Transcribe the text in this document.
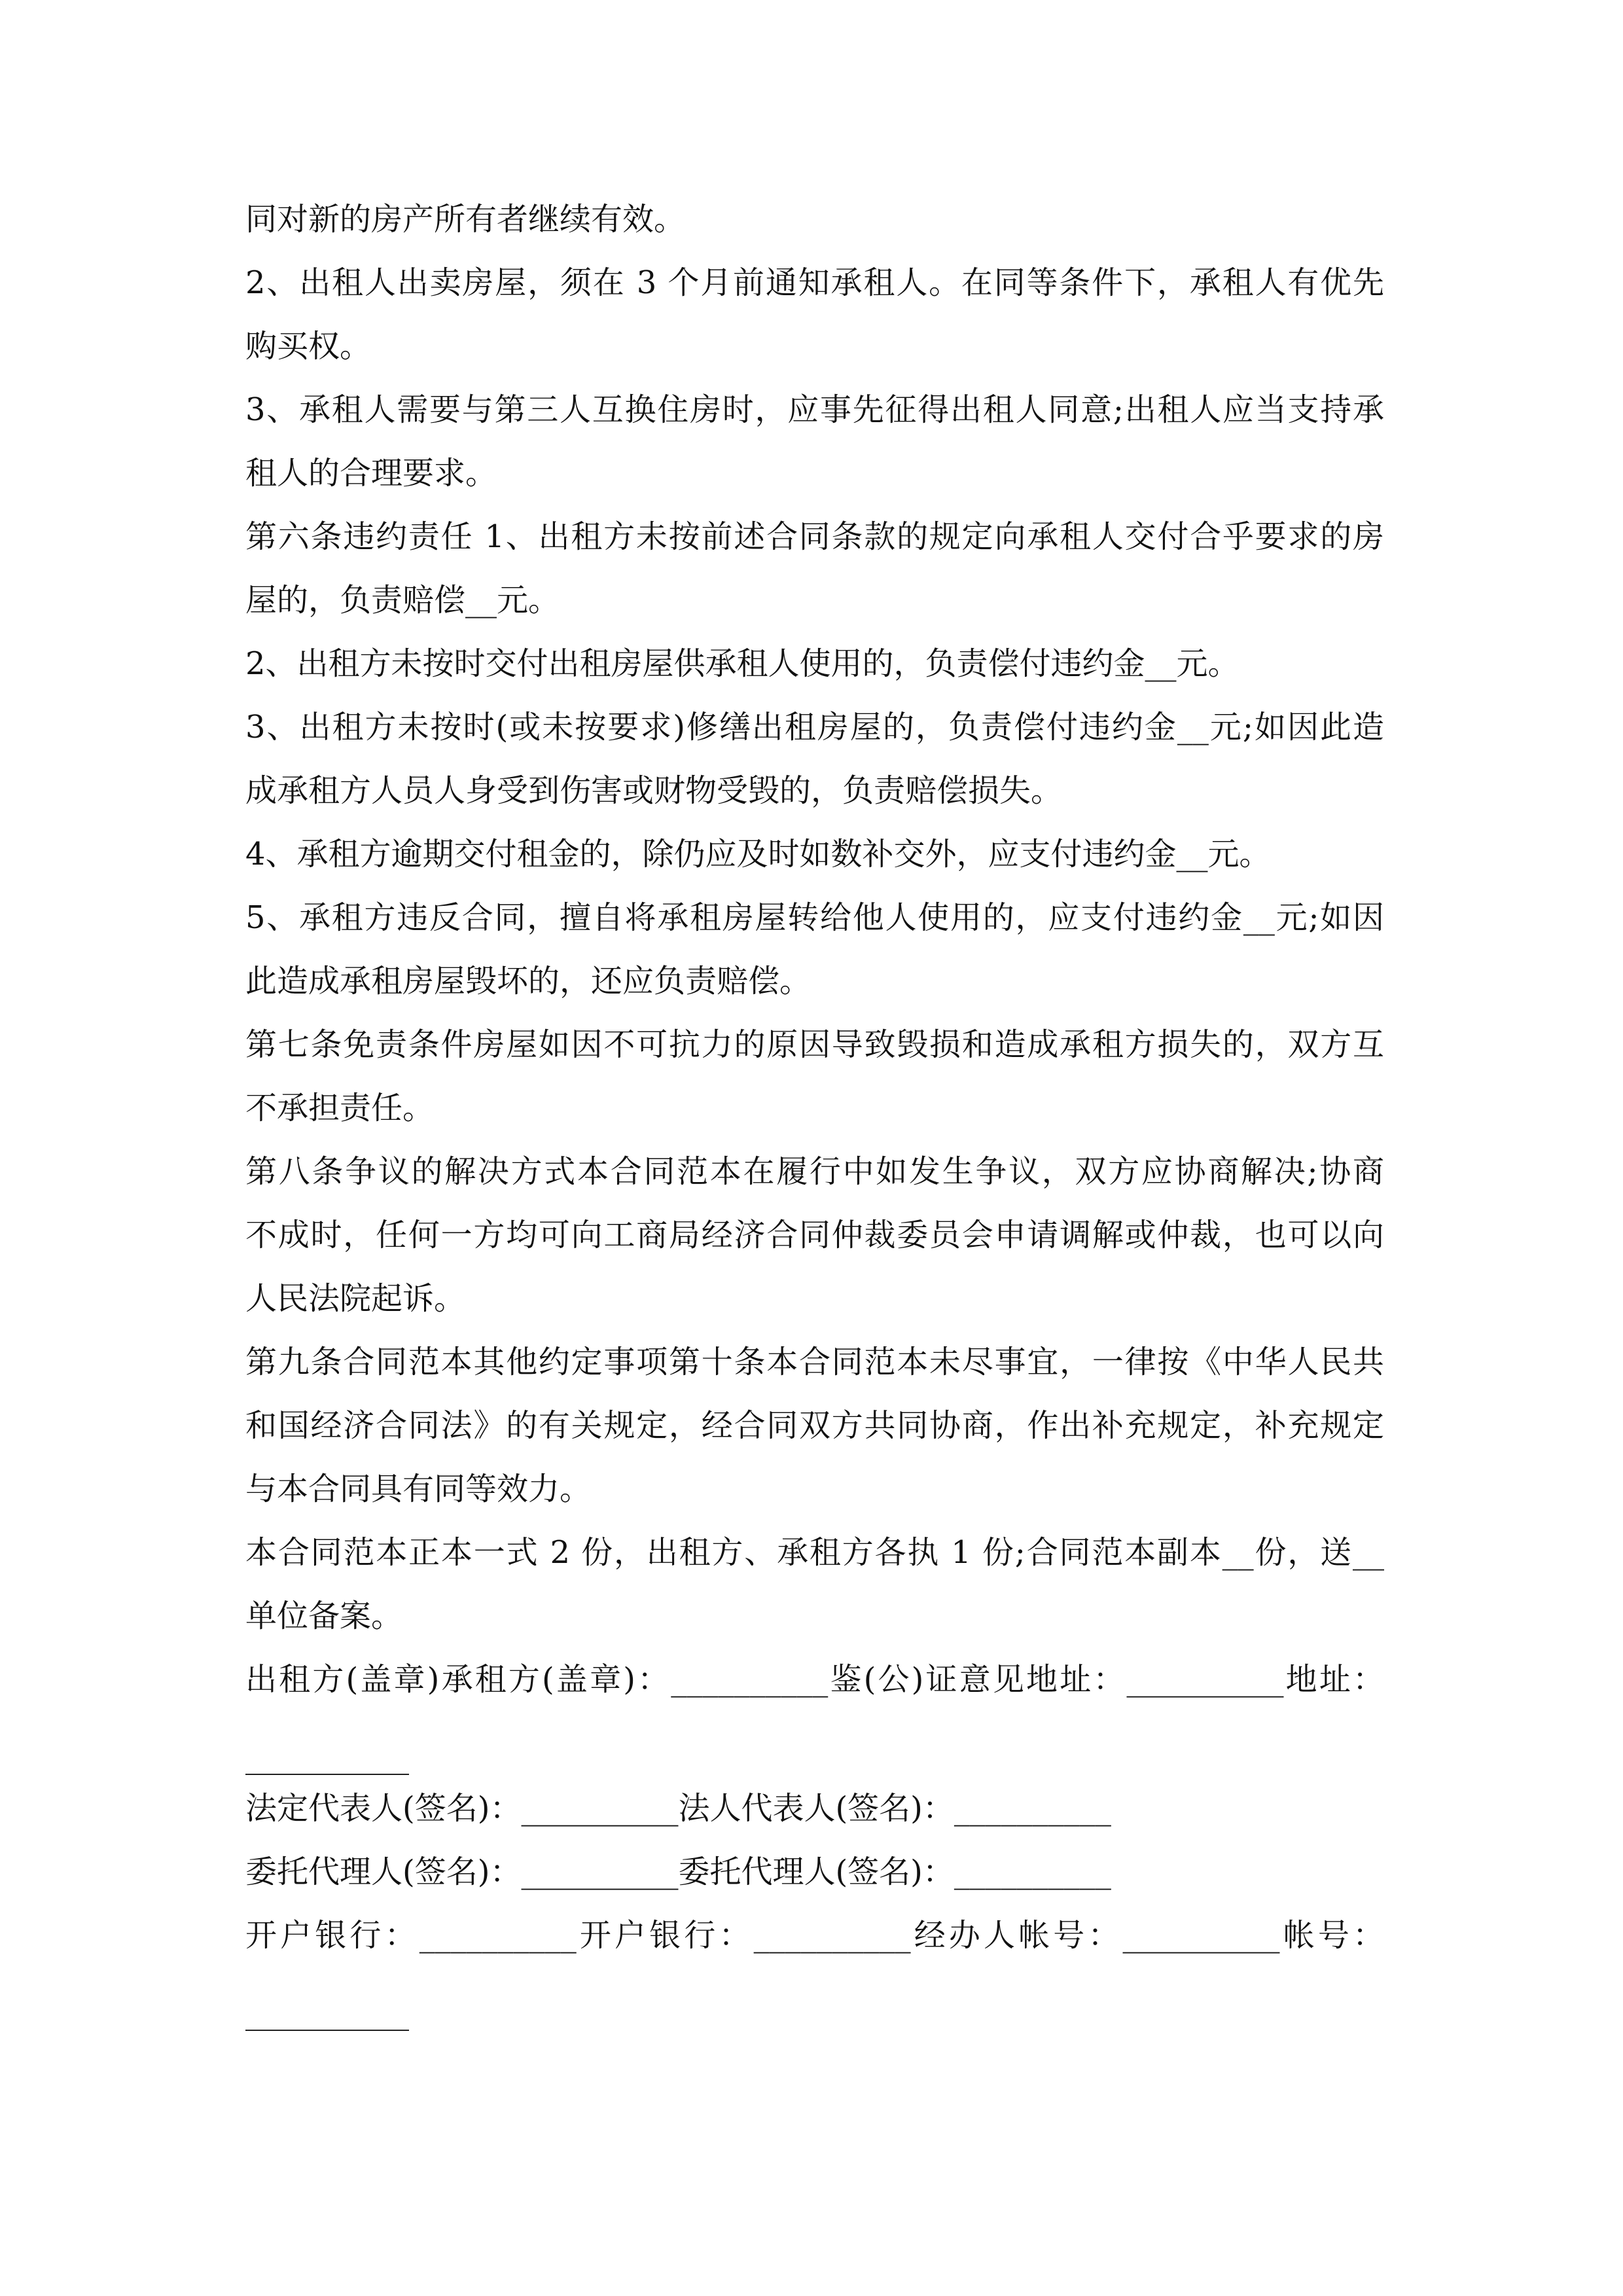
同对新的房产所有者继续有效。
2、出租人出卖房屋，须在 3 个月前通知承租人。在同等条件下，承租人有优先
购买权。
3、承租人需要与第三人互换住房时，应事先征得出租人同意;出租人应当支持承
租人的合理要求。
第六条违约责任 1、出租方未按前述合同条款的规定向承租人交付合乎要求的房
屋的，负责赔偿__元。
2、出租方未按时交付出租房屋供承租人使用的，负责偿付违约金__元。
3、出租方未按时(或未按要求)修缮出租房屋的，负责偿付违约金__元;如因此造
成承租方人员人身受到伤害或财物受毁的，负责赔偿损失。
4、承租方逾期交付租金的，除仍应及时如数补交外，应支付违约金__元。
5、承租方违反合同，擅自将承租房屋转给他人使用的，应支付违约金__元;如因
此造成承租房屋毁坏的，还应负责赔偿。
第七条免责条件房屋如因不可抗力的原因导致毁损和造成承租方损失的，双方互
不承担责任。
第八条争议的解决方式本合同范本在履行中如发生争议，双方应协商解决;协商
不成时，任何一方均可向工商局经济合同仲裁委员会申请调解或仲裁，也可以向
人民法院起诉。
第九条合同范本其他约定事项第十条本合同范本未尽事宜，一律按《中华人民共
和国经济合同法》的有关规定，经合同双方共同协商，作出补充规定，补充规定
与本合同具有同等效力。
本合同范本正本一式 2 份，出租方、承租方各执 1 份;合同范本副本__份，送__
单位备案。
出租方(盖章)承租方(盖章)：__________鉴(公)证意见地址：__________地址：
法定代表人(签名)：__________法人代表人(签名)：__________
委托代理人(签名)：__________委托代理人(签名)：__________
开户银行：__________开户银行：__________经办人帐号：__________帐号：
